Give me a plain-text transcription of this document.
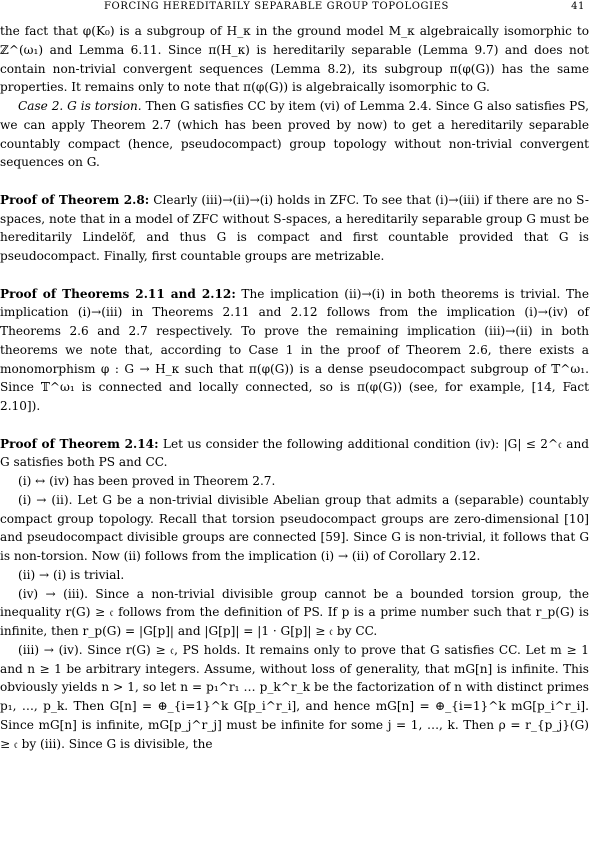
FORCING HEREDITARILY SEPARABLE GROUP TOPOLOGIES	41

the fact that φ(K₀) is a subgroup of H_κ in the ground model M_κ algebraically isomorphic to ℤ^(ω₁) and Lemma 6.11. Since π(H_κ) is hereditarily separable (Lemma 9.7) and does not contain non-trivial convergent sequences (Lemma 8.2), its subgroup π(φ(G)) has the same properties. It remains only to note that π(φ(G)) is algebraically isomorphic to G.

Case 2. G is torsion. Then G satisfies CC by item (vi) of Lemma 2.4. Since G also satisfies PS, we can apply Theorem 2.7 (which has been proved by now) to get a hereditarily separable countably compact (hence, pseudocompact) group topology without non-trivial convergent sequences on G.

Proof of Theorem 2.8: Clearly (iii)→(ii)→(i) holds in ZFC. To see that (i)→(iii) if there are no S-spaces, note that in a model of ZFC without S-spaces, a hereditarily separable group G must be hereditarily Lindelöf, and thus G is compact and first countable provided that G is pseudocompact. Finally, first countable groups are metrizable.

Proof of Theorems 2.11 and 2.12: The implication (ii)→(i) in both theorems is trivial. The implication (i)→(iii) in Theorems 2.11 and 2.12 follows from the implication (i)→(iv) of Theorems 2.6 and 2.7 respectively. To prove the remaining implication (iii)→(ii) in both theorems we note that, according to Case 1 in the proof of Theorem 2.6, there exists a monomorphism φ : G → H_κ such that π(φ(G)) is a dense pseudocompact subgroup of 𝕋^ω₁. Since 𝕋^ω₁ is connected and locally connected, so is π(φ(G)) (see, for example, [14, Fact 2.10]).

Proof of Theorem 2.14: Let us consider the following additional condition (iv): |G| ≤ 2^𝔠 and G satisfies both PS and CC.

(i) ↔ (iv) has been proved in Theorem 2.7.

(i) → (ii). Let G be a non-trivial divisible Abelian group that admits a (separable) countably compact group topology. Recall that torsion pseudocompact groups are zero-dimensional [10] and pseudocompact divisible groups are connected [59]. Since G is non-trivial, it follows that G is non-torsion. Now (ii) follows from the implication (i) → (ii) of Corollary 2.12.

(ii) → (i) is trivial.

(iv) → (iii). Since a non-trivial divisible group cannot be a bounded torsion group, the inequality r(G) ≥ 𝔠 follows from the definition of PS. If p is a prime number such that r_p(G) is infinite, then r_p(G) = |G[p]| and |G[p]| = |1 · G[p]| ≥ 𝔠 by CC.

(iii) → (iv). Since r(G) ≥ 𝔠, PS holds. It remains only to prove that G satisfies CC. Let m ≥ 1 and n ≥ 1 be arbitrary integers. Assume, without loss of generality, that mG[n] is infinite. This obviously yields n > 1, so let n = p₁^r₁ … p_k^r_k be the factorization of n with distinct primes p₁, …, p_k. Then G[n] = ⊕_{i=1}^k G[p_i^r_i], and hence mG[n] = ⊕_{i=1}^k mG[p_i^r_i]. Since mG[n] is infinite, mG[p_j^r_j] must be infinite for some j = 1, …, k. Then ρ = r_{p_j}(G) ≥ 𝔠 by (iii). Since G is divisible, the
